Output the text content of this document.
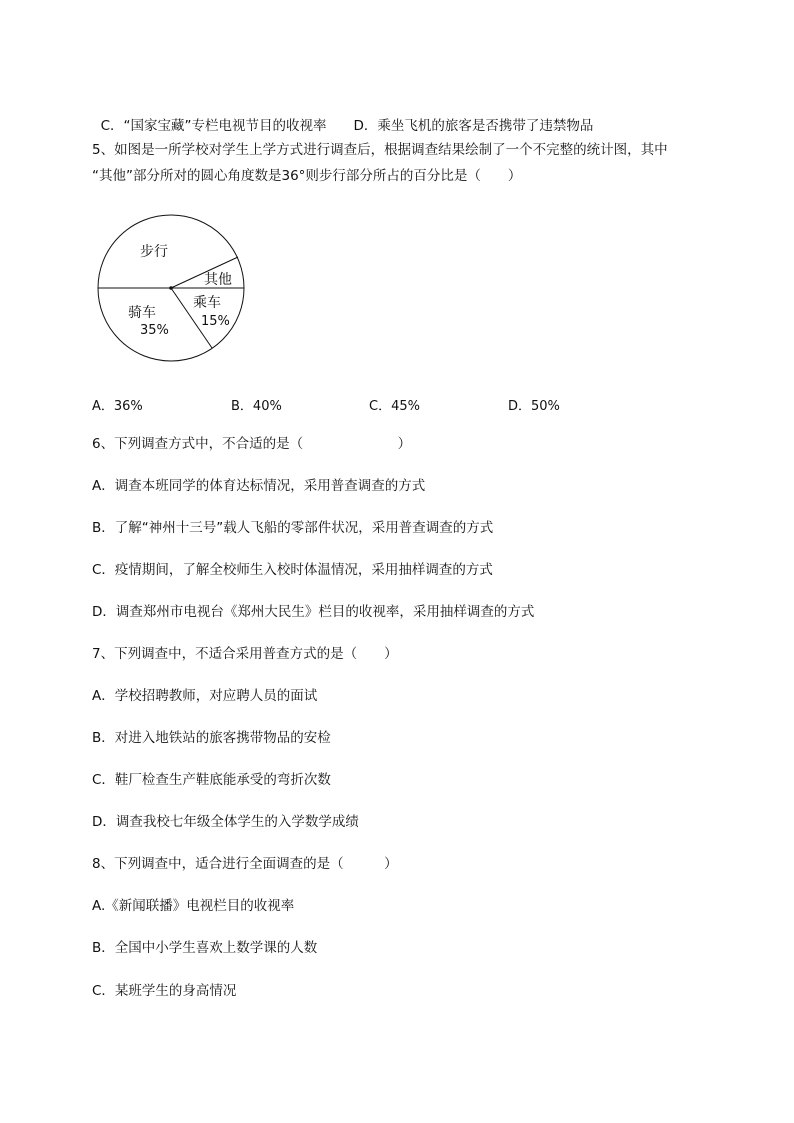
C．“国家宝藏”专栏电视节目的收视率　　 D．乘坐飞机的旅客是否携带了违禁物品

5、如图是一所学校对学生上学方式进行调查后，根据调查结果绘制了一个不完整的统计图，其中
“其他”部分所对的圆心角度数是36°则步行部分所占的百分比是（　　）
步行
其他
乘车
15%
骑车
35%
A．36%	B．40%	C．45%	D．50%
6、下列调查方式中，不合适的是（　　　　　　　）
A．调查本班同学的体育达标情况，采用普查调查的方式
B．了解“神州十三号”载人飞船的零部件状况，采用普查调查的方式
C．疫情期间，了解全校师生入校时体温情况，采用抽样调查的方式
D．调查郑州市电视台《郑州大民生》栏目的收视率，采用抽样调查的方式
7、下列调查中，不适合采用普查方式的是（　　）
A．学校招聘教师，对应聘人员的面试
B．对进入地铁站的旅客携带物品的安检
C．鞋厂检查生产鞋底能承受的弯折次数
D．调查我校七年级全体学生的入学数学成绩
8、下列调查中，适合进行全面调查的是（　　　）
A.《新闻联播》电视栏目的收视率
B．全国中小学生喜欢上数学课的人数
C．某班学生的身高情况
